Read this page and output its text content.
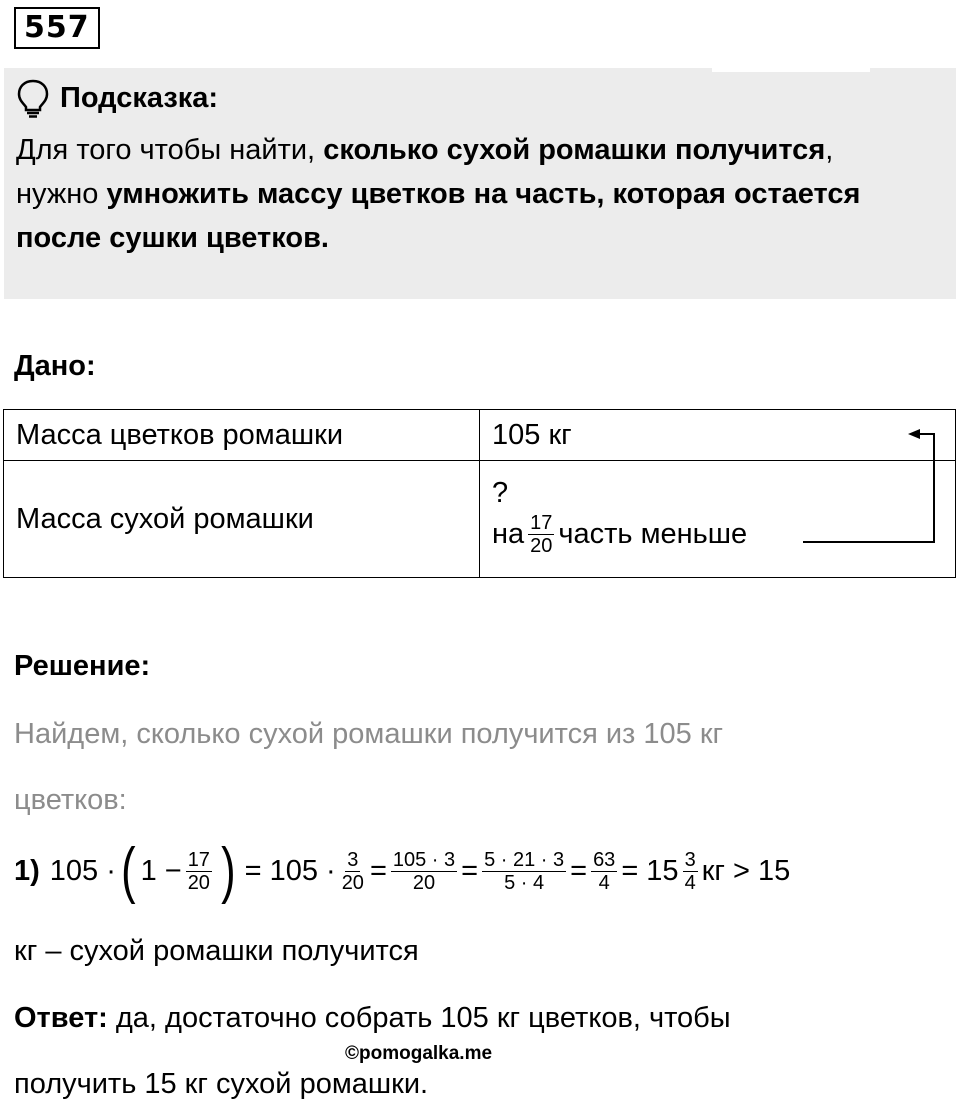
557
Подсказка:
Для того чтобы найти, сколько сухой ромашки получится,
нужно умножить массу цветков на часть, которая остается после сушки цветков.
Дано:
Масса цветков ромашки	105 кг
Масса сухой ромашки	?
на $\frac{17}{20}$ часть меньше
Решение:
Найдем, сколько сухой ромашки получится из 105 кг
цветков:
1) 105 · ( $1 - \frac{17}{20}$ ) = $105 \cdot \frac{3}{20} = \frac{105 \cdot 3}{20} = \frac{5 \cdot 21 \cdot 3}{5 \cdot 4} = \frac{63}{4} = 15 \frac{3}{4}$ кг > 15
кг – сухой ромашки получится
Ответ: да, достаточно собрать 105 кг цветков, чтобы
©pomogalka.me
получить 15 кг сухой ромашки.
